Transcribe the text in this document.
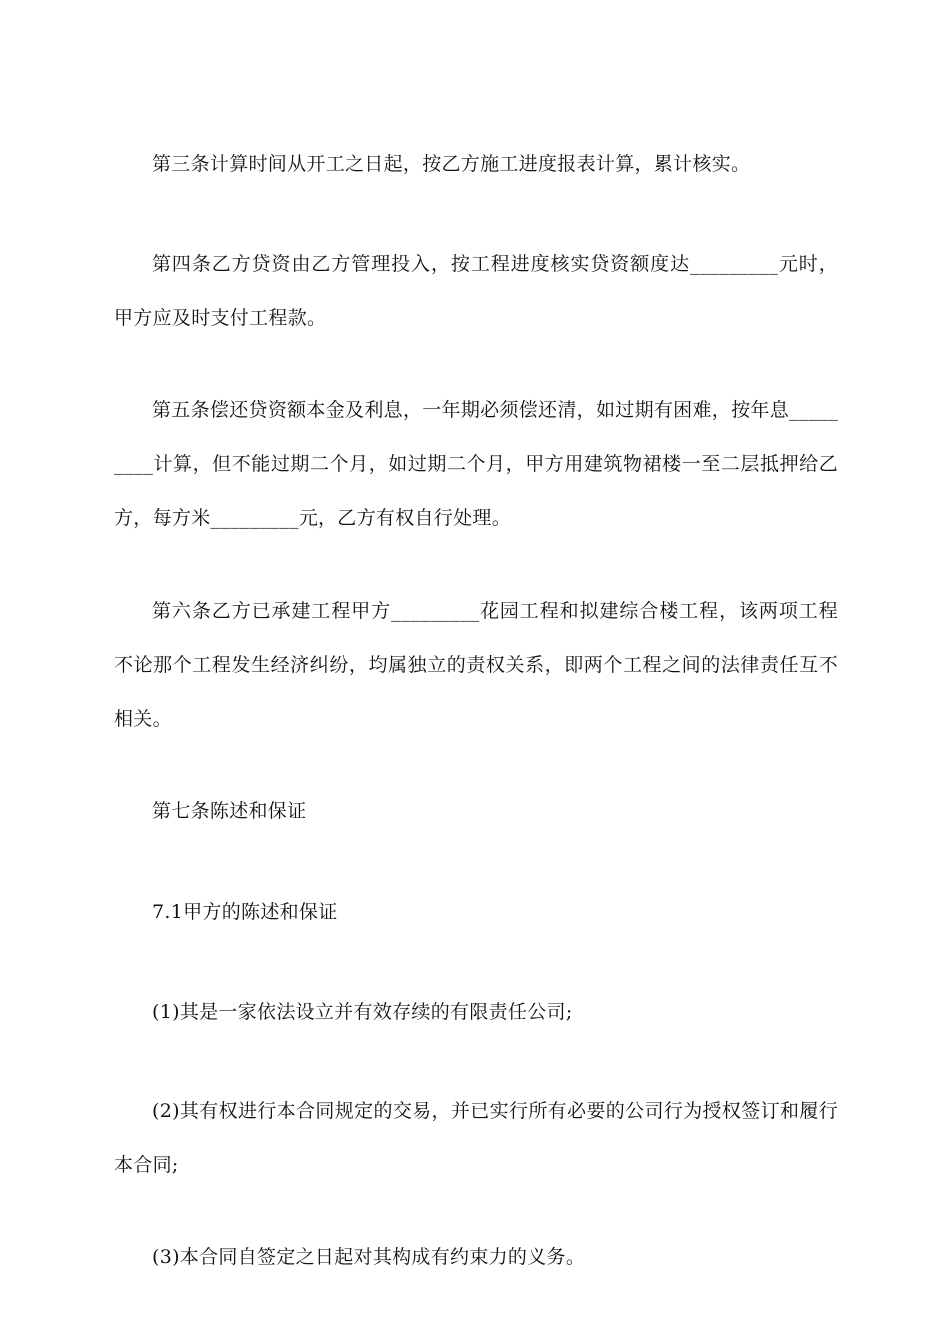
第三条计算时间从开工之日起，按乙方施工进度报表计算，累计核实。

第四条乙方贷资由乙方管理投入，按工程进度核实贷资额度达_________元时，甲方应及时支付工程款。

第五条偿还贷资额本金及利息，一年期必须偿还清，如过期有困难，按年息_________计算，但不能过期二个月，如过期二个月，甲方用建筑物裙楼一至二层抵押给乙方，每方米_________元，乙方有权自行处理。

第六条乙方已承建工程甲方_________花园工程和拟建综合楼工程，该两项工程不论那个工程发生经济纠纷，均属独立的责权关系，即两个工程之间的法律责任互不相关。

第七条陈述和保证

7.1甲方的陈述和保证

(1)其是一家依法设立并有效存续的有限责任公司;

(2)其有权进行本合同规定的交易，并已实行所有必要的公司行为授权签订和履行本合同;

(3)本合同自签定之日起对其构成有约束力的义务。
